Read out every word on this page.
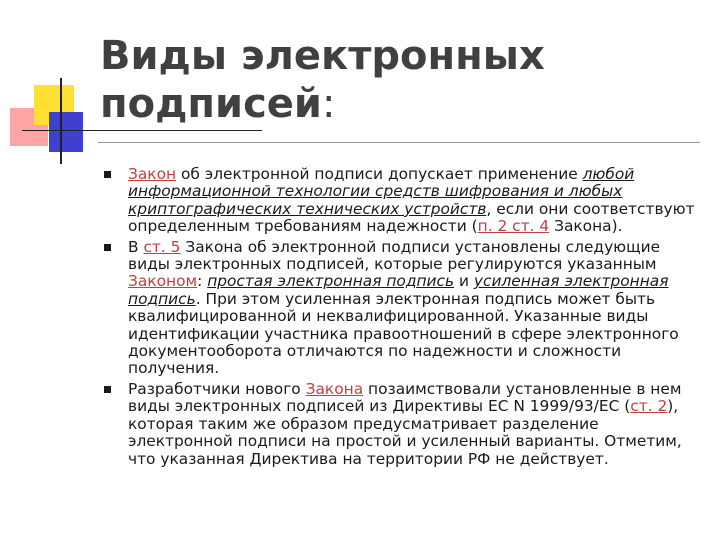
Виды электронных
подписей:
Закон об электронной подписи допускает применение любой информационной технологии средств шифрования и любых криптографических технических устройств, если они соответствуют определенным требованиям надежности (п. 2 ст. 4 Закона).
В ст. 5 Закона об электронной подписи установлены следующие виды электронных подписей, которые регулируются указанным Законом: простая электронная подпись и усиленная электронная подпись. При этом усиленная электронная подпись может быть квалифицированной и неквалифицированной. Указанные виды идентификации участника правоотношений в сфере электронного документооборота отличаются по надежности и сложности получения.
Разработчики нового Закона позаимствовали установленные в нем виды электронных подписей из Директивы ЕС N 1999/93/ЕС (ст. 2), которая таким же образом предусматривает разделение электронной подписи на простой и усиленный варианты. Отметим, что указанная Директива на территории РФ не действует.
